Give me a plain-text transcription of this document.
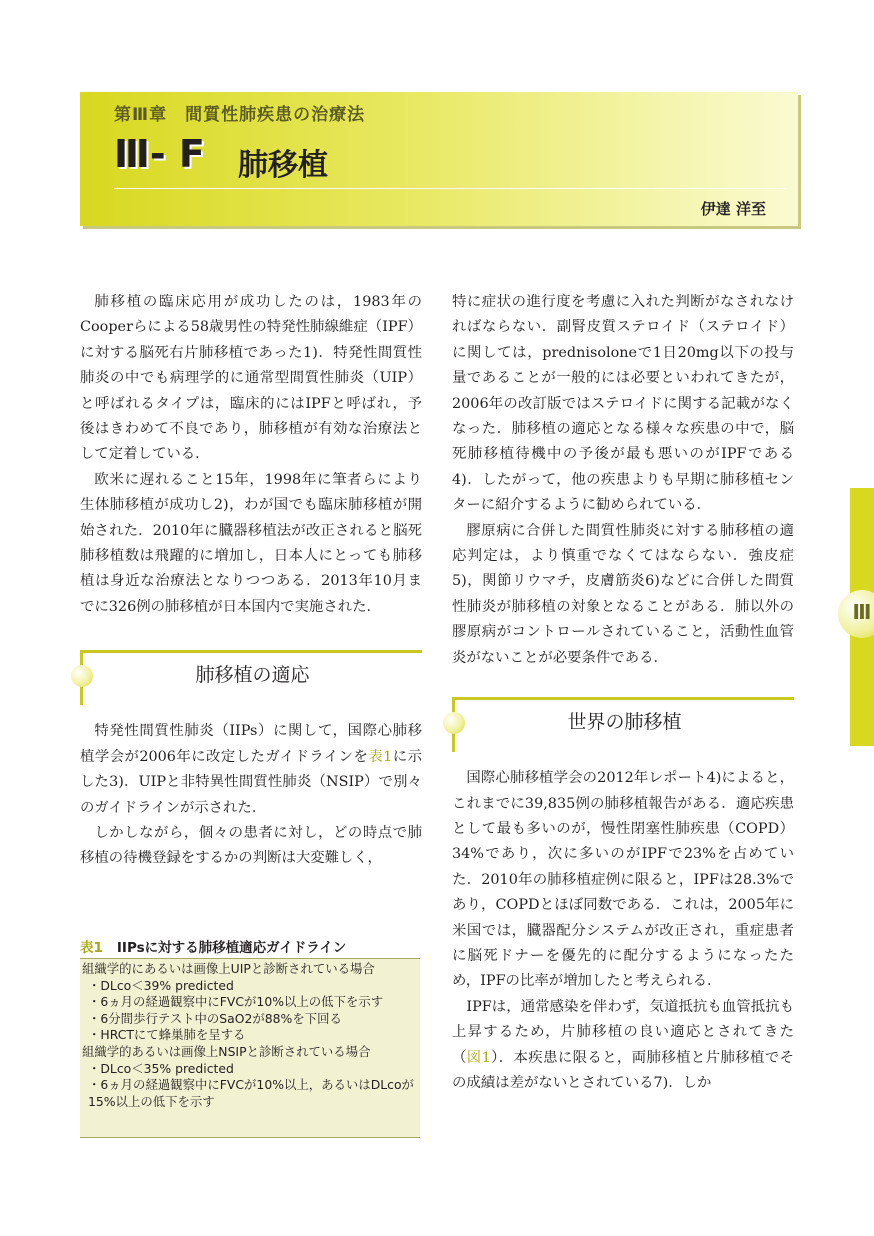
第Ⅲ章　間質性肺疾患の治療法
Ⅲ- F 肺移植
伊達 洋至

肺移植の臨床応用が成功したのは，1983年のCooperらによる58歳男性の特発性肺線維症（IPF）に対する脳死右片肺移植であった1)．特発性間質性肺炎の中でも病理学的に通常型間質性肺炎（UIP）と呼ばれるタイプは，臨床的にはIPFと呼ばれ，予後はきわめて不良であり，肺移植が有効な治療法として定着している．

欧米に遅れること15年，1998年に筆者らにより生体肺移植が成功し2)，わが国でも臨床肺移植が開始された．2010年に臓器移植法が改正されると脳死肺移植数は飛躍的に増加し，日本人にとっても肺移植は身近な治療法となりつつある．2013年10月までに326例の肺移植が日本国内で実施された．

肺移植の適応

特発性間質性肺炎（IIPs）に関して，国際心肺移植学会が2006年に改定したガイドラインを表1に示した3)．UIPと非特異性間質性肺炎（NSIP）で別々のガイドラインが示された．

しかしながら，個々の患者に対し，どの時点で肺移植の待機登録をするかの判断は大変難しく，

表1 IIPsに対する肺移植適応ガイドライン
組織学的にあるいは画像上UIPと診断されている場合
・DLco＜39% predicted
・6ヵ月の経過観察中にFVCが10%以上の低下を示す
・6分間歩行テスト中のSaO2が88%を下回る
・HRCTにて蜂巣肺を呈する
組織学的あるいは画像上NSIPと診断されている場合
・DLco＜35% predicted
・6ヵ月の経過観察中にFVCが10%以上，あるいはDLcoが15%以上の低下を示す

特に症状の進行度を考慮に入れた判断がなされなければならない．副腎皮質ステロイド（ステロイド）に関しては，prednisoloneで1日20mg以下の投与量であることが一般的には必要といわれてきたが，2006年の改訂版ではステロイドに関する記載がなくなった．肺移植の適応となる様々な疾患の中で，脳死肺移植待機中の予後が最も悪いのがIPFである4)．したがって，他の疾患よりも早期に肺移植センターに紹介するように勧められている．

膠原病に合併した間質性肺炎に対する肺移植の適応判定は，より慎重でなくてはならない．強皮症5)，関節リウマチ，皮膚筋炎6)などに合併した間質性肺炎が肺移植の対象となることがある．肺以外の膠原病がコントロールされていること，活動性血管炎がないことが必要条件である．

世界の肺移植

国際心肺移植学会の2012年レポート4)によると，これまでに39,835例の肺移植報告がある．適応疾患として最も多いのが，慢性閉塞性肺疾患（COPD）34%であり，次に多いのがIPFで23%を占めていた．2010年の肺移植症例に限ると，IPFは28.3%であり，COPDとほぼ同数である．これは，2005年に米国では，臓器配分システムが改正され，重症患者に脳死ドナーを優先的に配分するようになったため，IPFの比率が増加したと考えられる．

IPFは，通常感染を伴わず，気道抵抗も血管抵抗も上昇するため，片肺移植の良い適応とされてきた（図1）．本疾患に限ると，両肺移植と片肺移植でその成績は差がないとされている7)．しか

Ⅲ
